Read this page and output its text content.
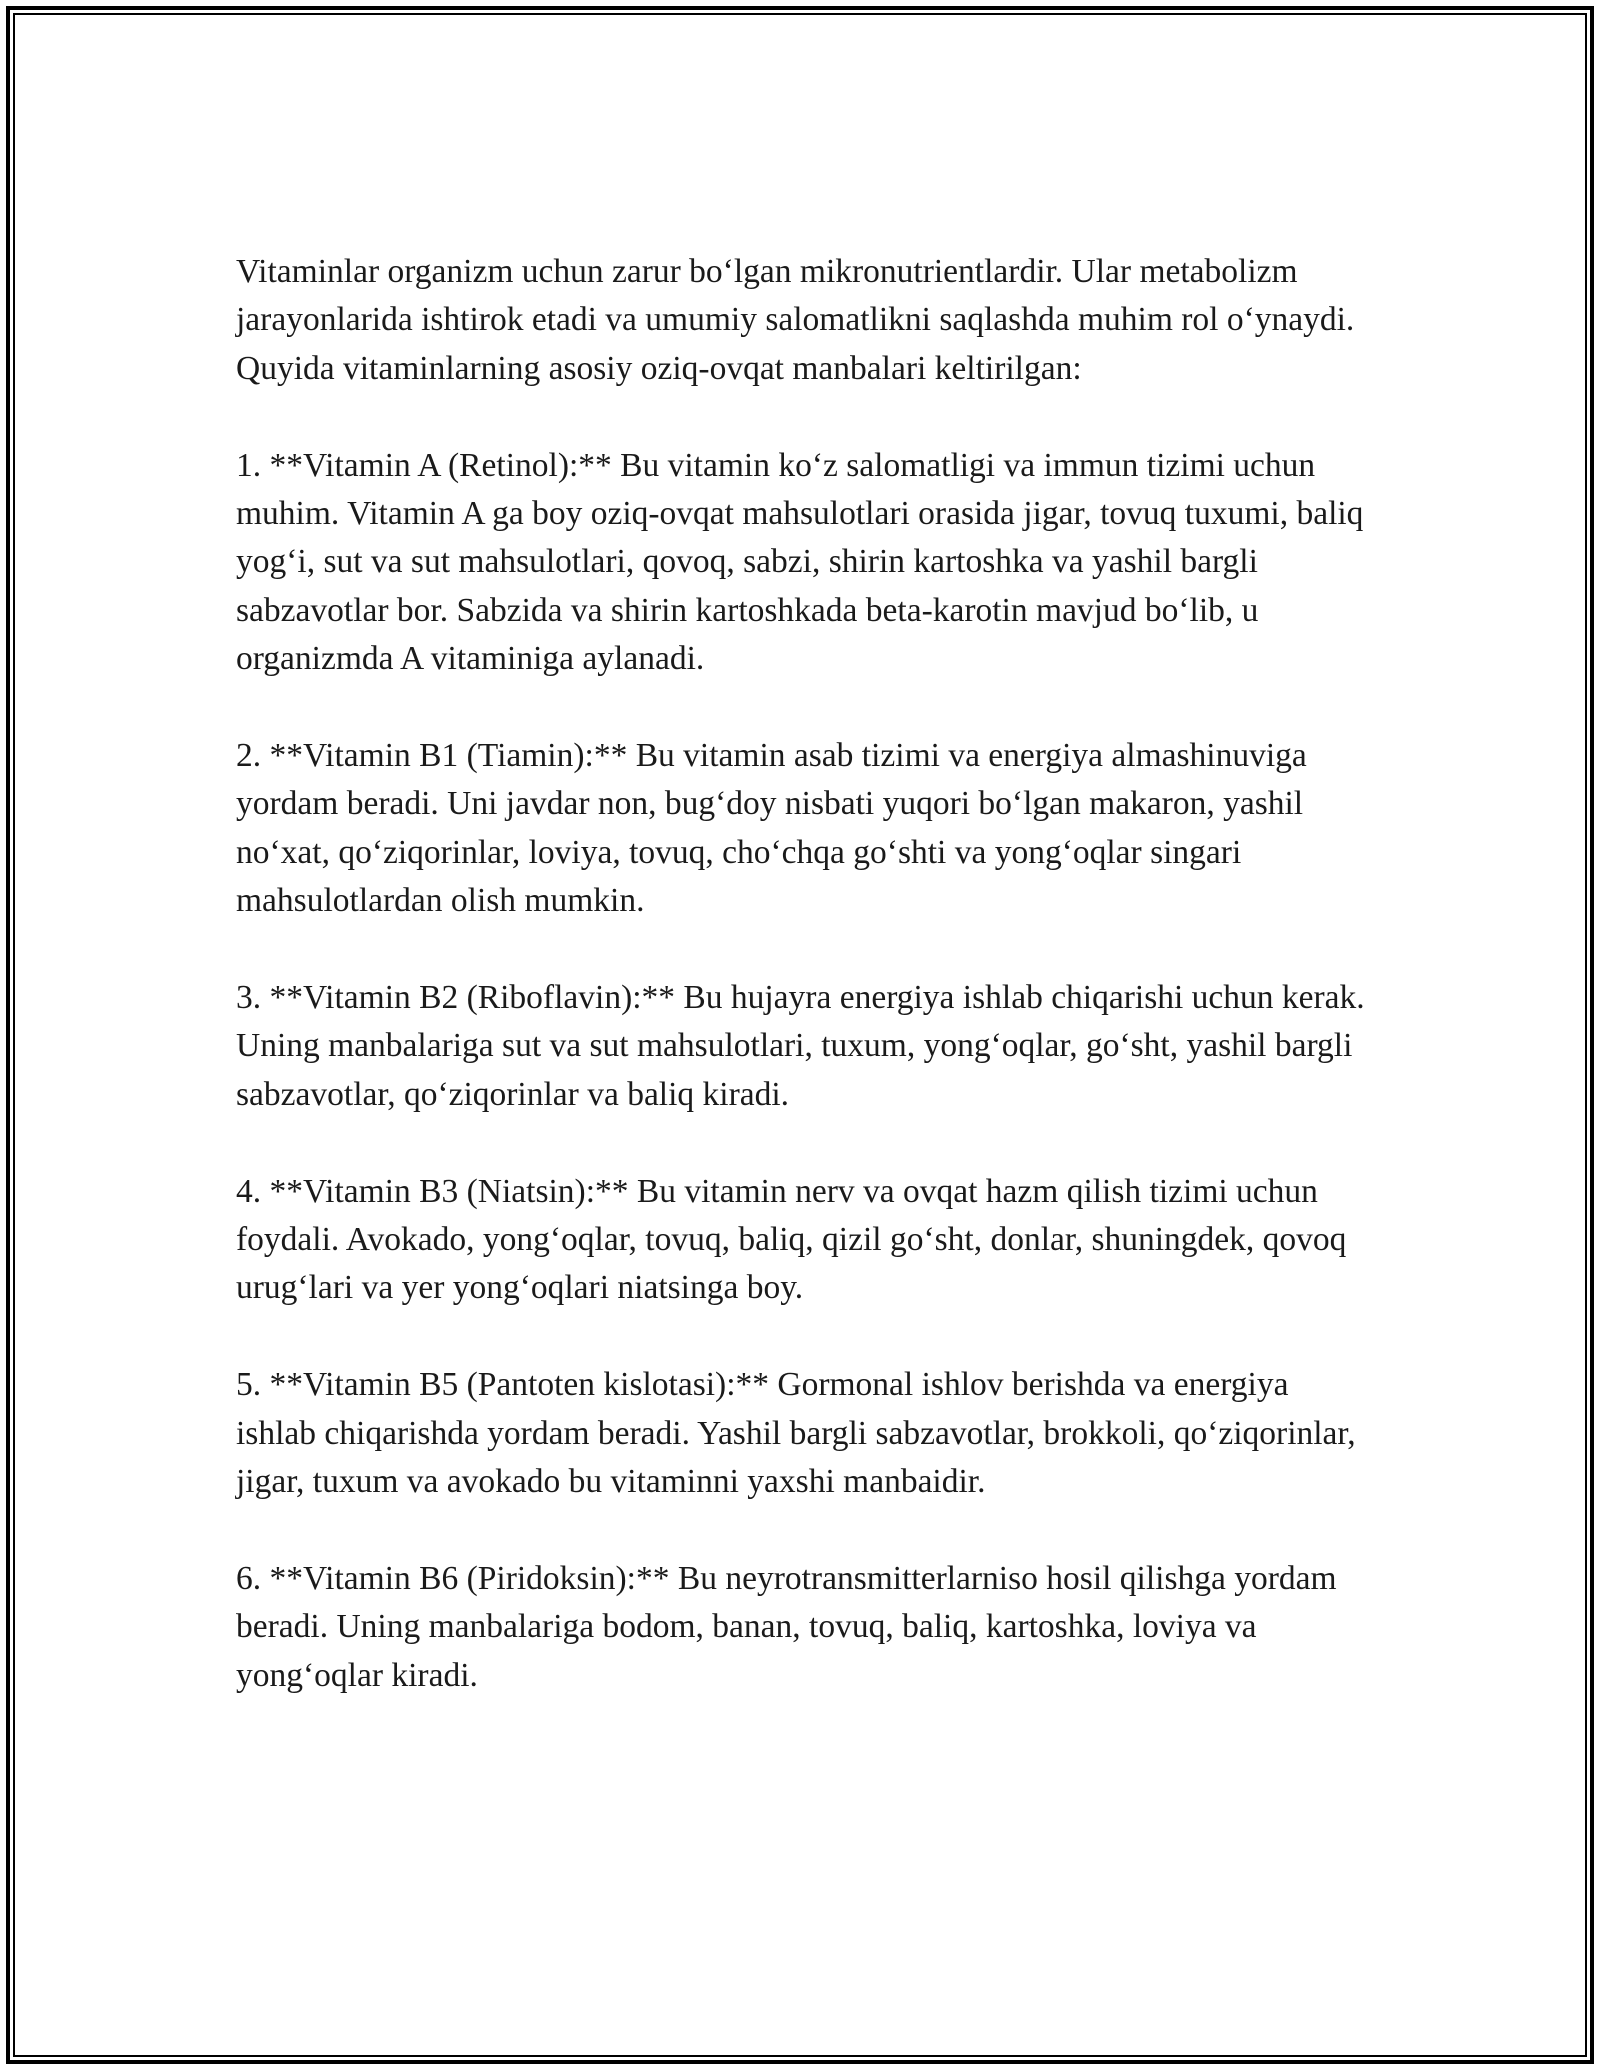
Vitaminlar organizm uchun zarur bo‘lgan mikronutrientlardir. Ular metabolizm jarayonlarida ishtirok etadi va umumiy salomatlikni saqlashda muhim rol o‘ynaydi. Quyida vitaminlarning asosiy oziq-ovqat manbalari keltirilgan:

1. **Vitamin A (Retinol):** Bu vitamin ko‘z salomatligi va immun tizimi uchun muhim. Vitamin A ga boy oziq-ovqat mahsulotlari orasida jigar, tovuq tuxumi, baliq yog‘i, sut va sut mahsulotlari, qovoq, sabzi, shirin kartoshka va yashil bargli sabzavotlar bor. Sabzida va shirin kartoshkada beta-karotin mavjud bo‘lib, u organizmda A vitaminiga aylanadi.

2. **Vitamin B1 (Tiamin):** Bu vitamin asab tizimi va energiya almashinuviga yordam beradi. Uni javdar non, bug‘doy nisbati yuqori bo‘lgan makaron, yashil no‘xat, qo‘ziqorinlar, loviya, tovuq, cho‘chqa go‘shti va yong‘oqlar singari mahsulotlardan olish mumkin.

3. **Vitamin B2 (Riboflavin):** Bu hujayra energiya ishlab chiqarishi uchun kerak. Uning manbalariga sut va sut mahsulotlari, tuxum, yong‘oqlar, go‘sht, yashil bargli sabzavotlar, qo‘ziqorinlar va baliq kiradi.

4. **Vitamin B3 (Niatsin):** Bu vitamin nerv va ovqat hazm qilish tizimi uchun foydali. Avokado, yong‘oqlar, tovuq, baliq, qizil go‘sht, donlar, shuningdek, qovoq urug‘lari va yer yong‘oqlari niatsinga boy.

5. **Vitamin B5 (Pantoten kislotasi):** Gormonal ishlov berishda va energiya ishlab chiqarishda yordam beradi. Yashil bargli sabzavotlar, brokkoli, qo‘ziqorinlar, jigar, tuxum va avokado bu vitaminni yaxshi manbaidir.

6. **Vitamin B6 (Piridoksin):** Bu neyrotransmitterlarniso hosil qilishga yordam beradi. Uning manbalariga bodom, banan, tovuq, baliq, kartoshka, loviya va yong‘oqlar kiradi.
